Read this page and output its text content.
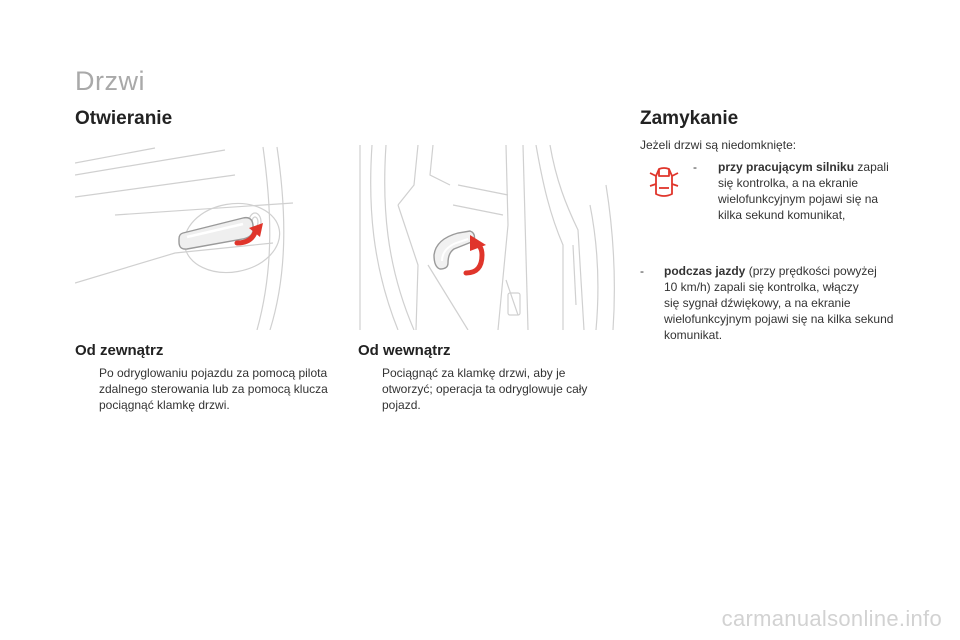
Drzwi
Otwieranie
Od zewnątrz
Po odryglowaniu pojazdu za pomocą pilota
zdalnego sterowania lub za pomocą klucza
pociągnąć klamkę drzwi.
Od wewnątrz
Pociągnąć za klamkę drzwi, aby je
otworzyć; operacja ta odryglowuje cały
pojazd.
Zamykanie
Jeżeli drzwi są niedomknięte:
-	przy pracującym silniku zapali
się kontrolka, a na ekranie
wielofunkcyjnym pojawi się na
kilka sekund komunikat,
-	podczas jazdy (przy prędkości powyżej
10 km/h) zapali się kontrolka, włączy
się sygnał dźwiękowy, a na ekranie
wielofunkcyjnym pojawi się na kilka sekund
komunikat.
carmanualsonline.info
